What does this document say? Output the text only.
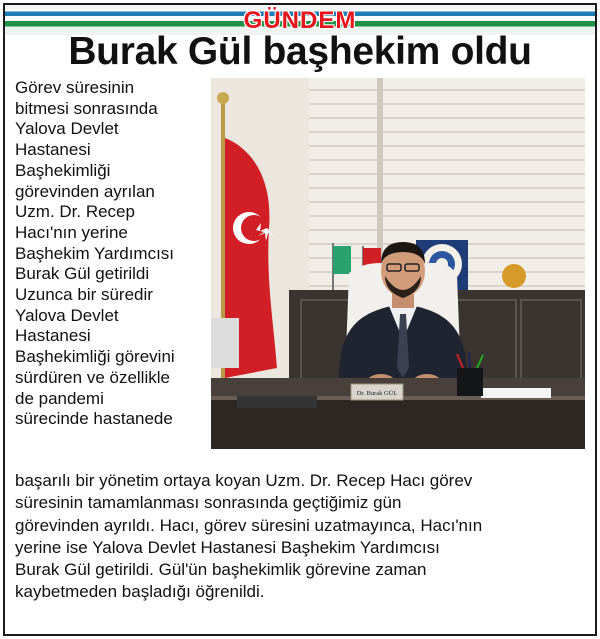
GÜNDEM
Burak Gül başhekim oldu
Görev süresinin
bitmesi sonrasında
Yalova Devlet
Hastanesi
Başhekimliği
görevinden ayrılan
Uzm. Dr. Recep
Hacı'nın yerine
Başhekim Yardımcısı
Burak Gül getirildi
Uzunca bir süredir
Yalova Devlet
Hastanesi
Başhekimliği görevini
sürdüren ve özellikle
de pandemi
sürecinde hastanede
Dr. Burak GÜL
başarılı bir yönetim ortaya koyan Uzm. Dr. Recep Hacı görev
süresinin tamamlanması sonrasında geçtiğimiz gün
görevinden ayrıldı. Hacı, görev süresini uzatmayınca, Hacı'nın
yerine ise Yalova Devlet Hastanesi Başhekim Yardımcısı
Burak Gül getirildi. Gül'ün başhekimlik görevine zaman
kaybetmeden başladığı öğrenildi.
